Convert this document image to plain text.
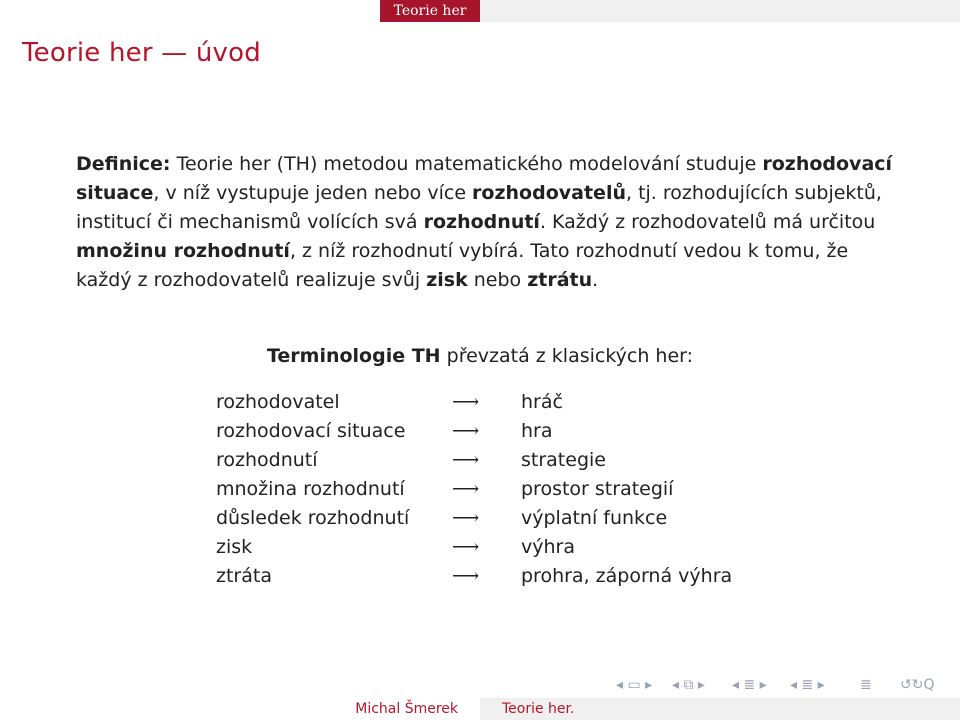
Teorie her
Teorie her — úvod
Definice: Teorie her (TH) metodou matematického modelování studuje rozhodovací situace, v níž vystupuje jeden nebo více rozhodovatelů, tj. rozhodujících subjektů, institucí či mechanismů volících svá rozhodnutí. Každý z rozhodovatelů má určitou množinu rozhodnutí, z níž rozhodnutí vybírá. Tato rozhodnutí vedou k tomu, že každý z rozhodovatelů realizuje svůj zisk nebo ztrátu.
Terminologie TH převzatá z klasických her:
rozhodovatel	⟶ hráč
rozhodovací situace ⟶ hra
rozhodnutí	⟶ strategie
množina rozhodnutí ⟶ prostor strategií
důsledek rozhodnutí ⟶ výplatní funkce
zisk	⟶ výhra
ztráta	⟶ prohra, záporná výhra
◂ ▭ ▸ ◂ ⧉ ▸ ◂ ≣ ▸ ◂ ≣ ▸	≣ ↺↻Q
Michal Šmerek	Teorie her.
